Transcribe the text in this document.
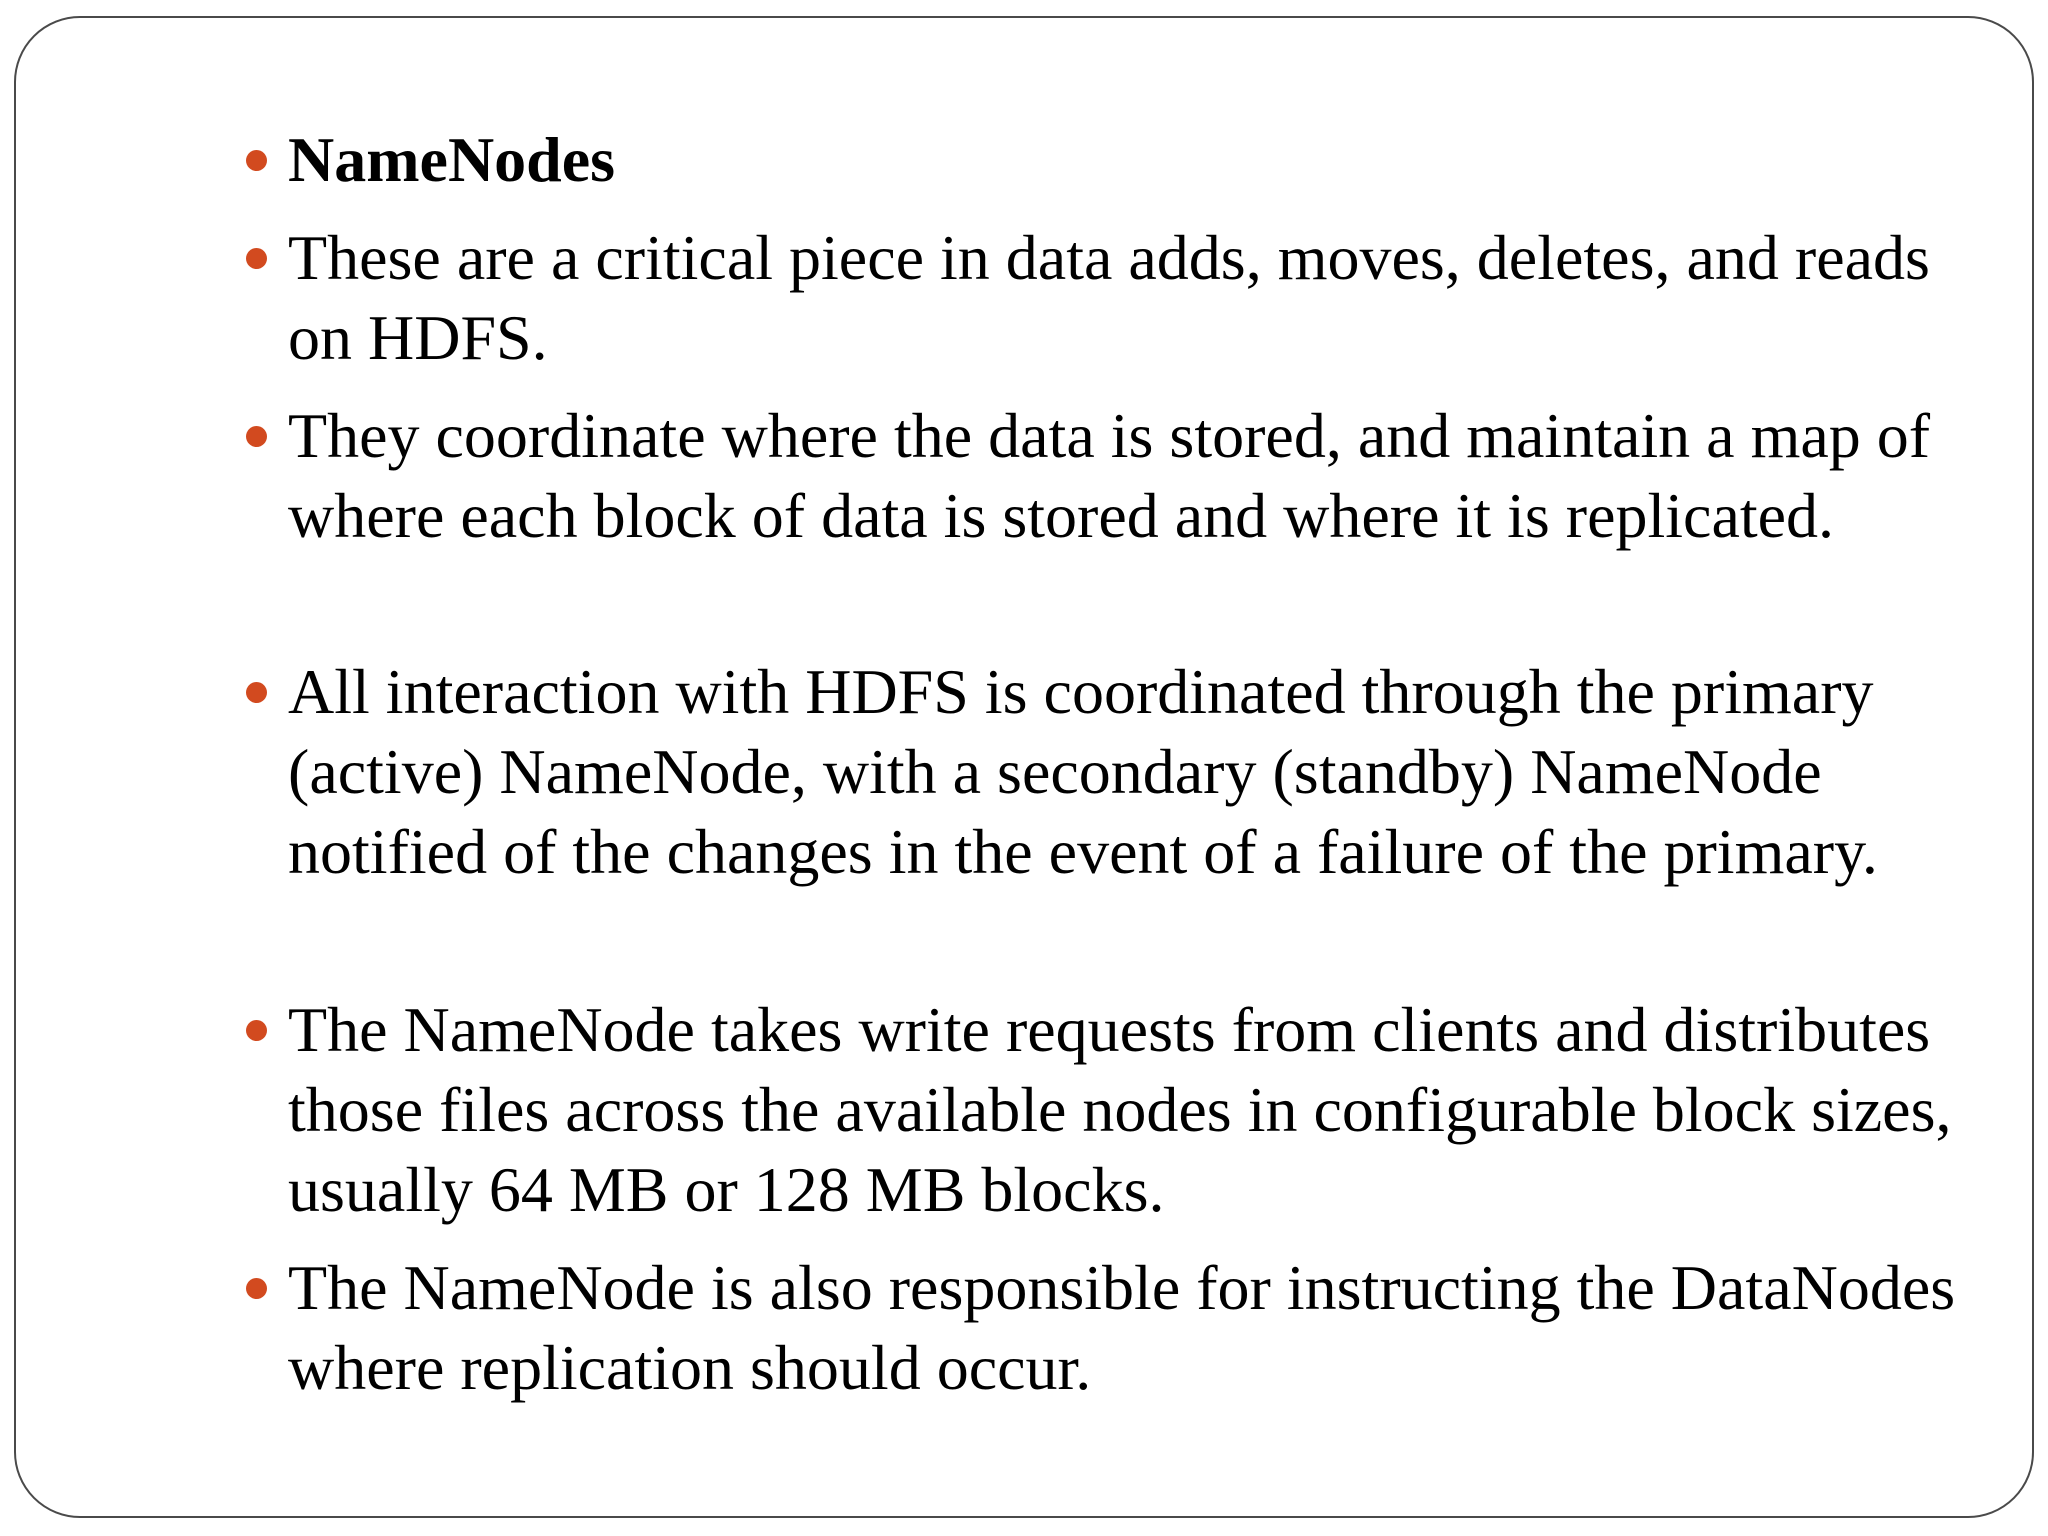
NameNodes
These are a critical piece in data adds, moves, deletes, and reads on HDFS.
They coordinate where the data is stored, and maintain a map of where each block of data is stored and where it is replicated.
All interaction with HDFS is coordinated through the primary (active) NameNode, with a secondary (standby) NameNode notified of the changes in the event of a failure of the primary.
The NameNode takes write requests from clients and distributes those files across the available nodes in configurable block sizes, usually 64 MB or 128 MB blocks.
The NameNode is also responsible for instructing the DataNodes where replication should occur.
